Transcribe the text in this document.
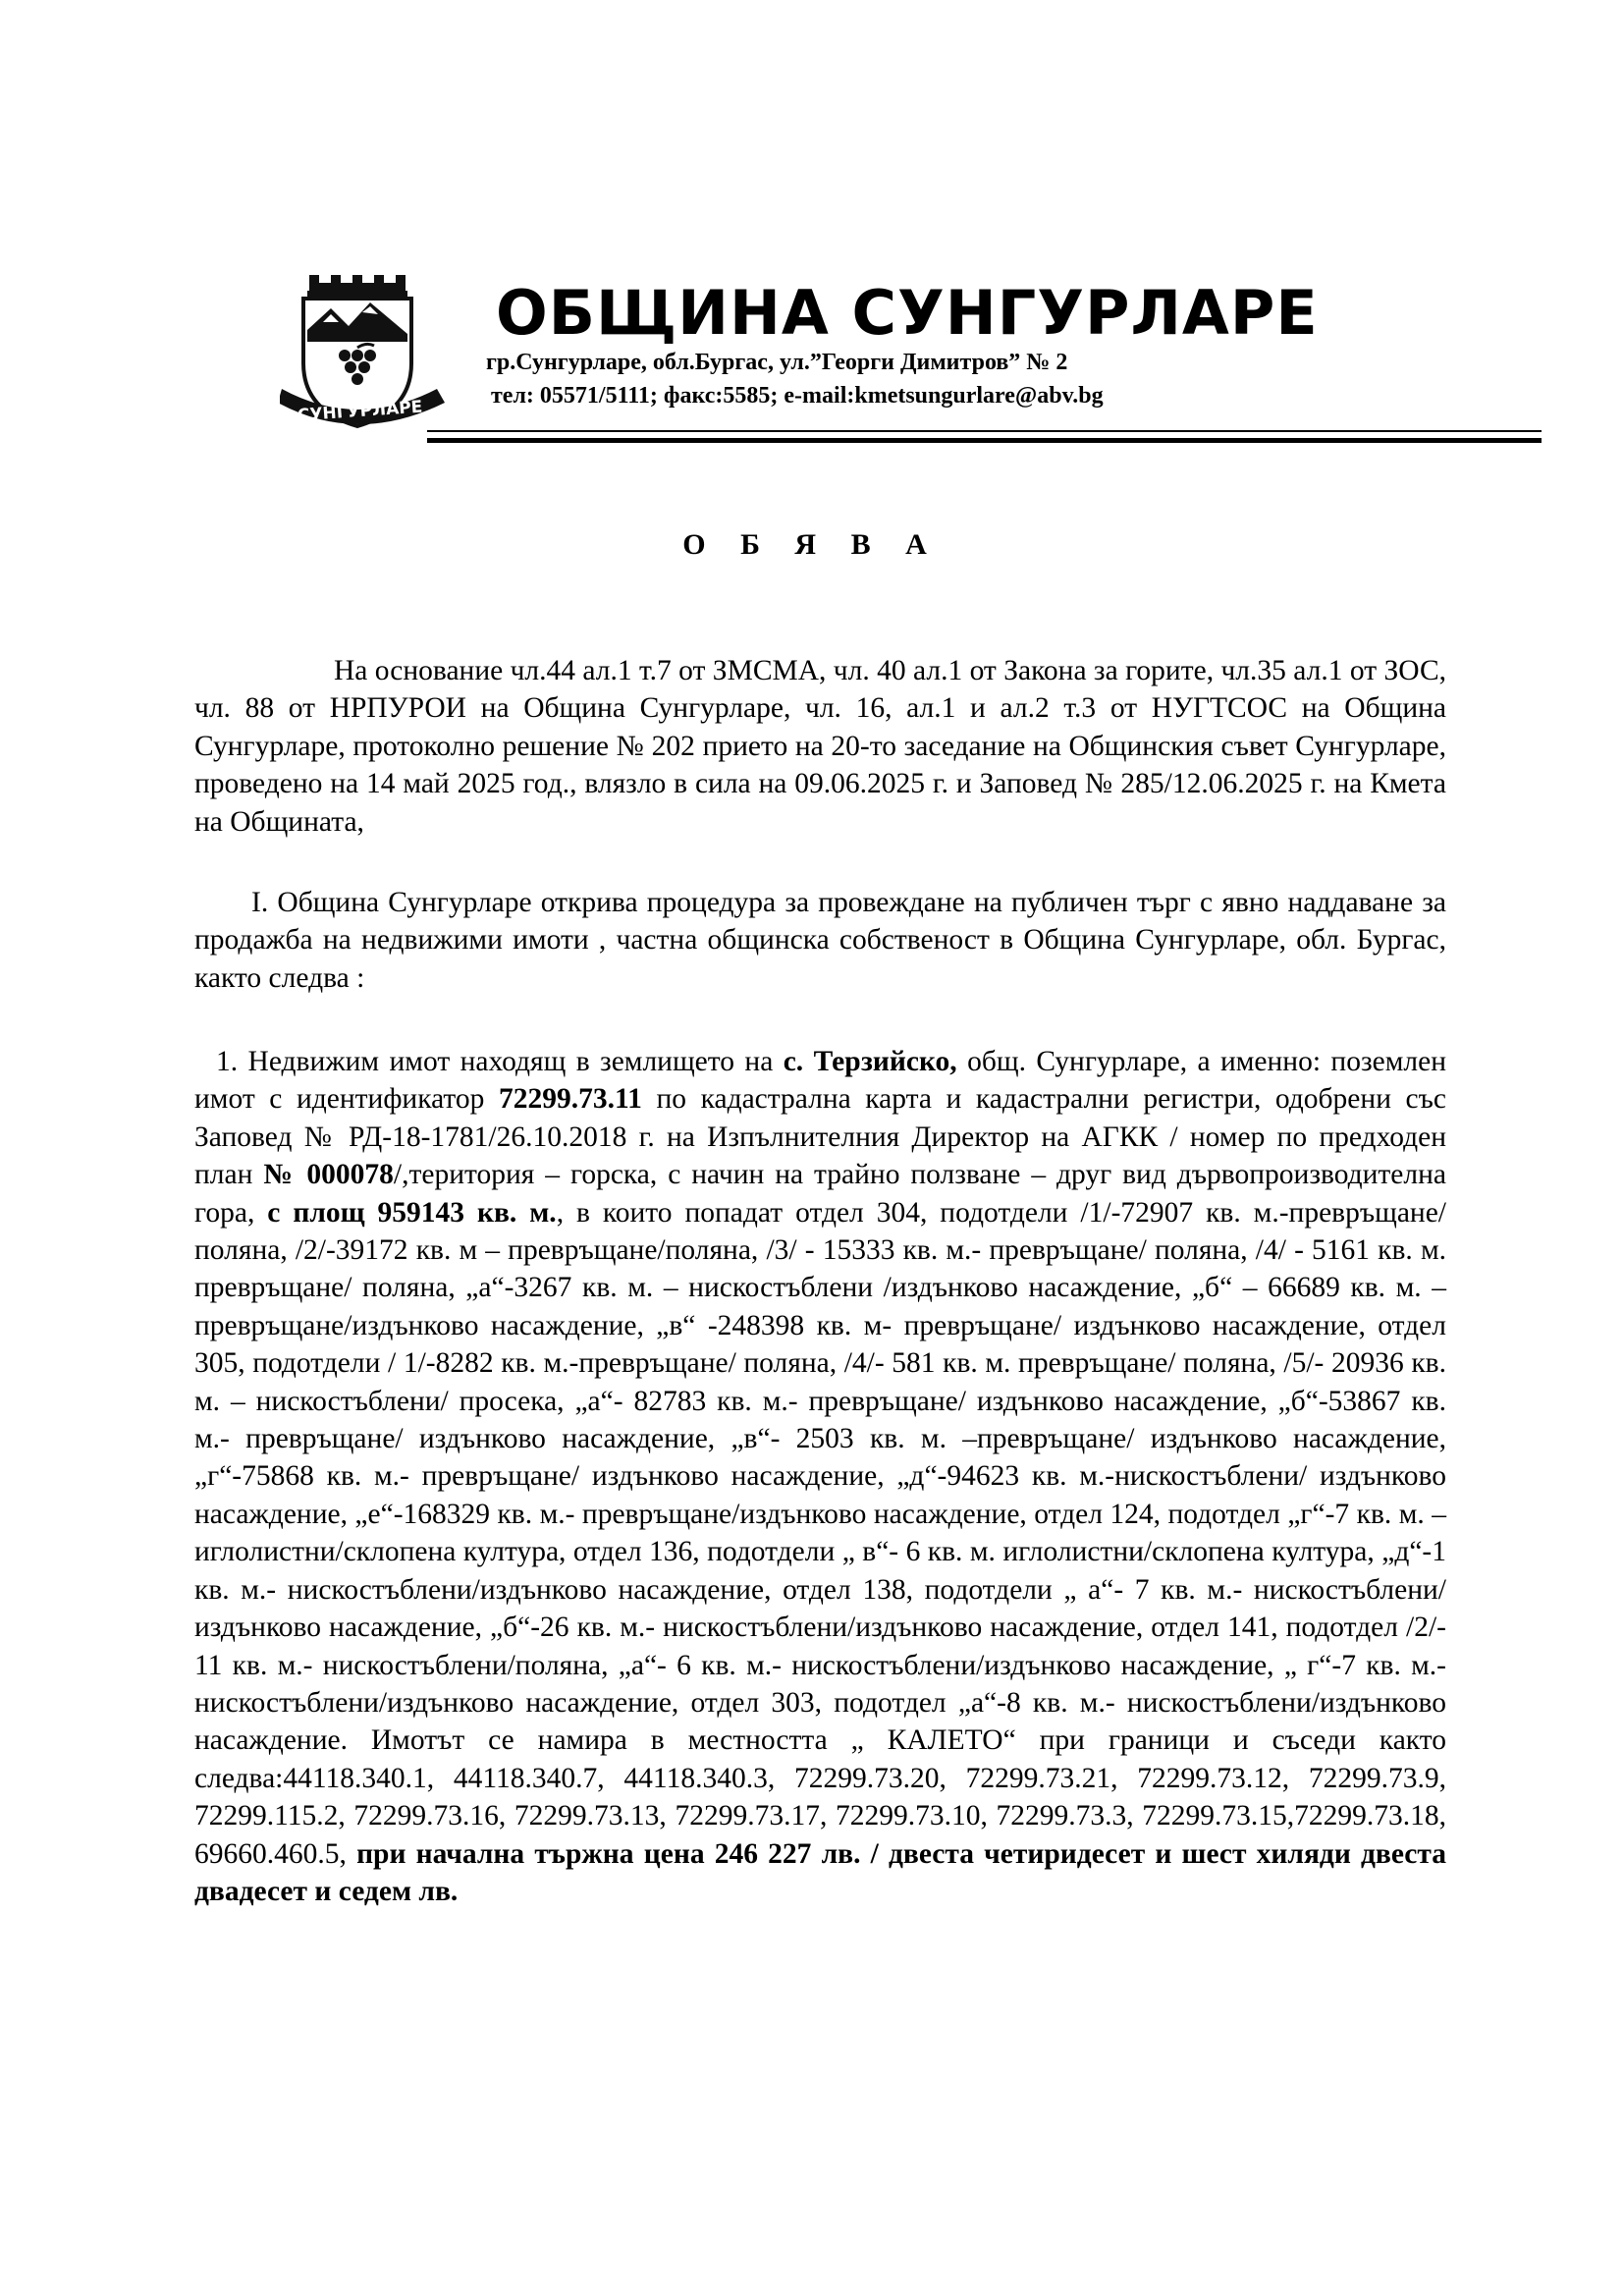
СУНГУРЛАРЕ
ОБЩИНА СУНГУРЛАРЕ
гр.Сунгурларе, обл.Бургас, ул.”Георги Димитров” № 2
тел: 05571/5111; факс:5585; e-mail:kmetsungurlare@abv.bg
О Б Я В А

На основание чл.44 ал.1 т.7 от ЗМСМА, чл. 40 ал.1 от Закона за горите, чл.35 ал.1 от ЗОС, чл. 88 от НРПУРОИ на Община Сунгурларе, чл. 16, ал.1 и ал.2 т.3 от НУГТСОС на Община Сунгурларе, протоколно решение № 202 прието на 20-то заседание на Общинския съвет Сунгурларе, проведено на 14 май 2025 год., влязло в сила на 09.06.2025 г. и Заповед № 285/12.06.2025 г. на Кмета на Общината,

I. Община Сунгурларе открива процедура за провеждане на публичен търг с явно наддаване за продажба на недвижими имоти , частна общинска собственост в Община Сунгурларе, обл. Бургас, както следва :

1. Недвижим имот находящ в землището на с. Терзийско, общ. Сунгурларе, а именно: поземлен имот с идентификатор 72299.73.11 по кадастрална карта и кадастрални регистри, одобрени със Заповед № РД-18-1781/26.10.2018 г. на Изпълнителния Директор на АГКК / номер по предходен план № 000078/,територия – горска, с начин на трайно ползване – друг вид дървопроизводителна гора, с площ 959143 кв. м., в които попадат отдел 304, подотдели /1/-72907 кв. м.-превръщане/поляна, /2/-39172 кв. м – превръщане/поляна, /3/ - 15333 кв. м.- превръщане/ поляна, /4/ - 5161 кв. м. превръщане/ поляна, „а“-3267 кв. м. – нискостъблени /издънково насаждение, „б“ – 66689 кв. м. – превръщане/издънково насаждение, „в“ -248398 кв. м- превръщане/ издънково насаждение, отдел 305, подотдели / 1/-8282 кв. м.-превръщане/ поляна, /4/- 581 кв. м. превръщане/ поляна, /5/- 20936 кв. м. – нискостъблени/ просека, „а“- 82783 кв. м.- превръщане/ издънково насаждение, „б“-53867 кв. м.- превръщане/ издънково насаждение, „в“- 2503 кв. м. –превръщане/ издънково насаждение, „г“-75868 кв. м.- превръщане/ издънково насаждение, „д“-94623 кв. м.-нискостъблени/ издънково насаждение, „е“-168329 кв. м.- превръщане/издънково насаждение, отдел 124, подотдел „г“-7 кв. м. – иглолистни/склопена култура, отдел 136, подотдели „ в“- 6 кв. м. иглолистни/склопена култура, „д“-1 кв. м.- нискостъблени/издънково насаждение, отдел 138, подотдели „ а“- 7 кв. м.- нискостъблени/издънково насаждение, „б“-26 кв. м.- нискостъблени/издънково насаждение, отдел 141, подотдел /2/- 11 кв. м.- нискостъблени/поляна, „а“- 6 кв. м.- нискостъблени/издънково насаждение, „ г“-7 кв. м.- нискостъблени/издънково насаждение, отдел 303, подотдел „а“-8 кв. м.- нискостъблени/издънково насаждение. Имотът се намира в местността „ КАЛЕТО“ при граници и съседи както следва:44118.340.1, 44118.340.7, 44118.340.3, 72299.73.20, 72299.73.21, 72299.73.12, 72299.73.9, 72299.115.2, 72299.73.16, 72299.73.13, 72299.73.17, 72299.73.10, 72299.73.3, 72299.73.15,72299.73.18, 69660.460.5, при начална тържна цена 246 227 лв. / двеста четиридесет и шест хиляди двеста двадесет и седем лв.
